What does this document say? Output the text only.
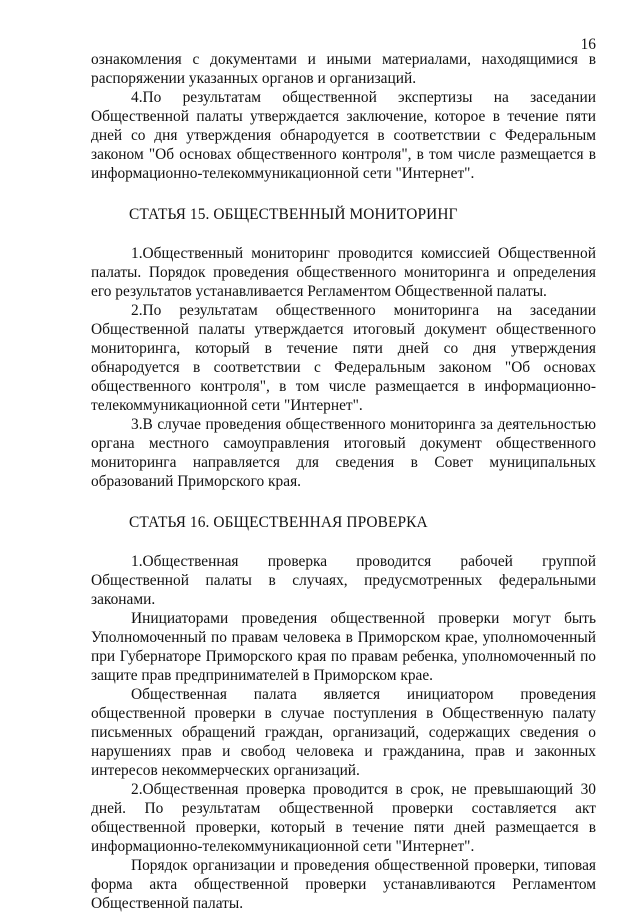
16

ознакомления с документами и иными материалами, находящимися в распоряжении указанных органов и организаций.

4.По результатам общественной экспертизы на заседании Общественной палаты утверждается заключение, которое в течение пяти дней со дня утверждения обнародуется в соответствии с Федеральным законом "Об основах общественного контроля", в том числе размещается в информационно-телекоммуникационной сети "Интернет".

СТАТЬЯ 15. ОБЩЕСТВЕННЫЙ МОНИТОРИНГ

1.Общественный мониторинг проводится комиссией Общественной палаты. Порядок проведения общественного мониторинга и определения его результатов устанавливается Регламентом Общественной палаты.

2.По результатам общественного мониторинга на заседании Общественной палаты утверждается итоговый документ общественного мониторинга, который в течение пяти дней со дня утверждения обнародуется в соответствии с Федеральным законом "Об основах общественного контроля", в том числе размещается в информационно-телекоммуникационной сети "Интернет".

3.В случае проведения общественного мониторинга за деятельностью органа местного самоуправления итоговый документ общественного мониторинга направляется для сведения в Совет муниципальных образований Приморского края.

СТАТЬЯ 16. ОБЩЕСТВЕННАЯ ПРОВЕРКА

1.Общественная проверка проводится рабочей группой Общественной палаты в случаях, предусмотренных федеральными законами.

Инициаторами проведения общественной проверки могут быть Уполномоченный по правам человека в Приморском крае, уполномоченный при Губернаторе Приморского края по правам ребенка, уполномоченный по защите прав предпринимателей в Приморском крае.

Общественная палата является инициатором проведения общественной проверки в случае поступления в Общественную палату письменных обращений граждан, организаций, содержащих сведения о нарушениях прав и свобод человека и гражданина, прав и законных интересов некоммерческих организаций.

2.Общественная проверка проводится в срок, не превышающий 30 дней. По результатам общественной проверки составляется акт общественной проверки, который в течение пяти дней размещается в информационно-телекоммуникационной сети "Интернет".

Порядок организации и проведения общественной проверки, типовая форма акта общественной проверки устанавливаются Регламентом Общественной палаты.
